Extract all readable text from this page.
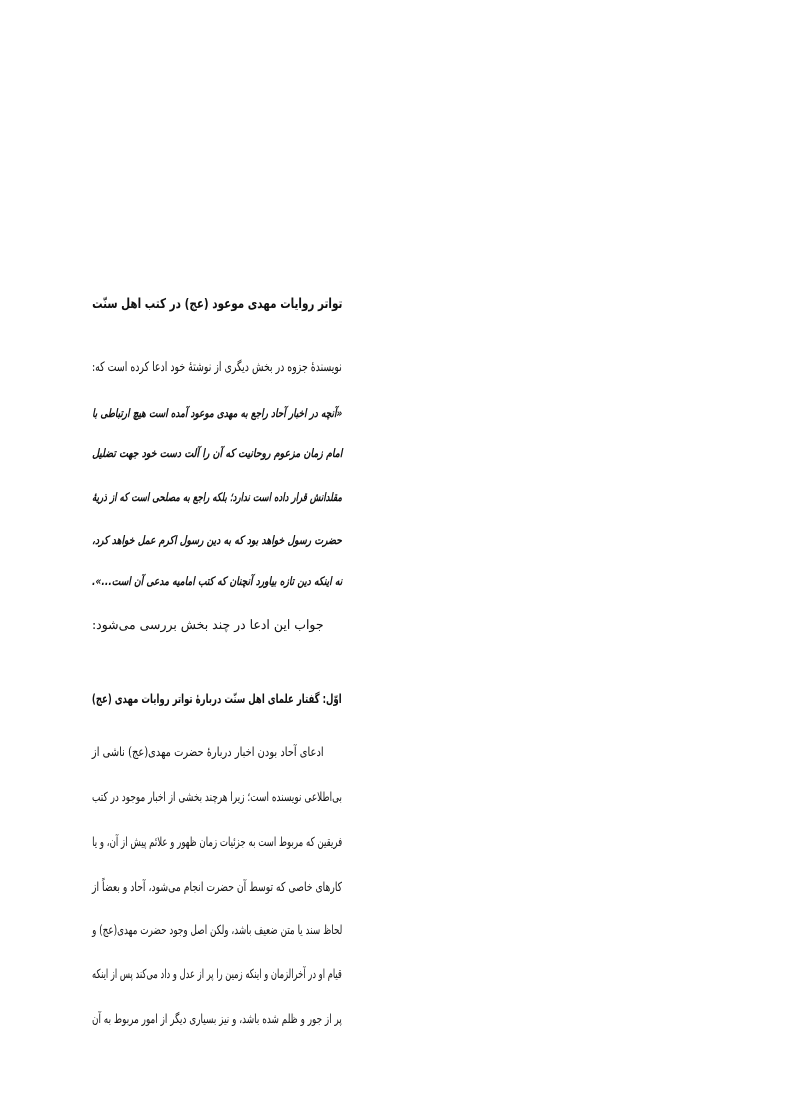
تواتر روایات مهدی موعود (عج) در کتب اهل سنّت
نویسندهٔ جزوه در بخش دیگری از نوشتهٔ خود ادعا کرده است که:
«آنچه در اخبار آحاد راجع به مهدی موعود آمده است هیچ ارتباطی با
امام زمان مزعوم روحانیت که آن را آلت دست خود جهت تضلیل
مقلدانش قرار داده است ندارد؛ بلکه راجع به مصلحی است که از ذریهٔ
حضرت رسول خواهد بود که به دین رسول اکرم عمل خواهد کرد،
نه اینکه دین تازه بیاورد آنچنان که کتب امامیه مدعی آن است...».
جواب این ادعا در چند بخش بررسی می‌شود:
اوّل: گفتار علمای اهل سنّت دربارهٔ تواتر روایات مهدی (عج)
ادعای آحاد بودن اخبار دربارهٔ حضرت مهدی(عج) ناشی از
بی‌اطلاعی نویسنده است؛ زیرا هرچند بخشی از اخبار موجود در کتب
فریقین که مربوط است به جزئیات زمان ظهور و علائم پیش از آن، و یا
کارهای خاصی که توسط آن حضرت انجام می‌شود، آحاد و بعضاً از
لحاظ سند یا متن ضعیف باشد، ولکن اصل وجود حضرت مهدی(عج) و
قیام او در آخرالزمان و اینکه زمین را پر از عدل و داد می‌کند پس از اینکه
پر از جور و ظلم شده باشد، و نیز بسیاری دیگر از امور مربوط به آن
